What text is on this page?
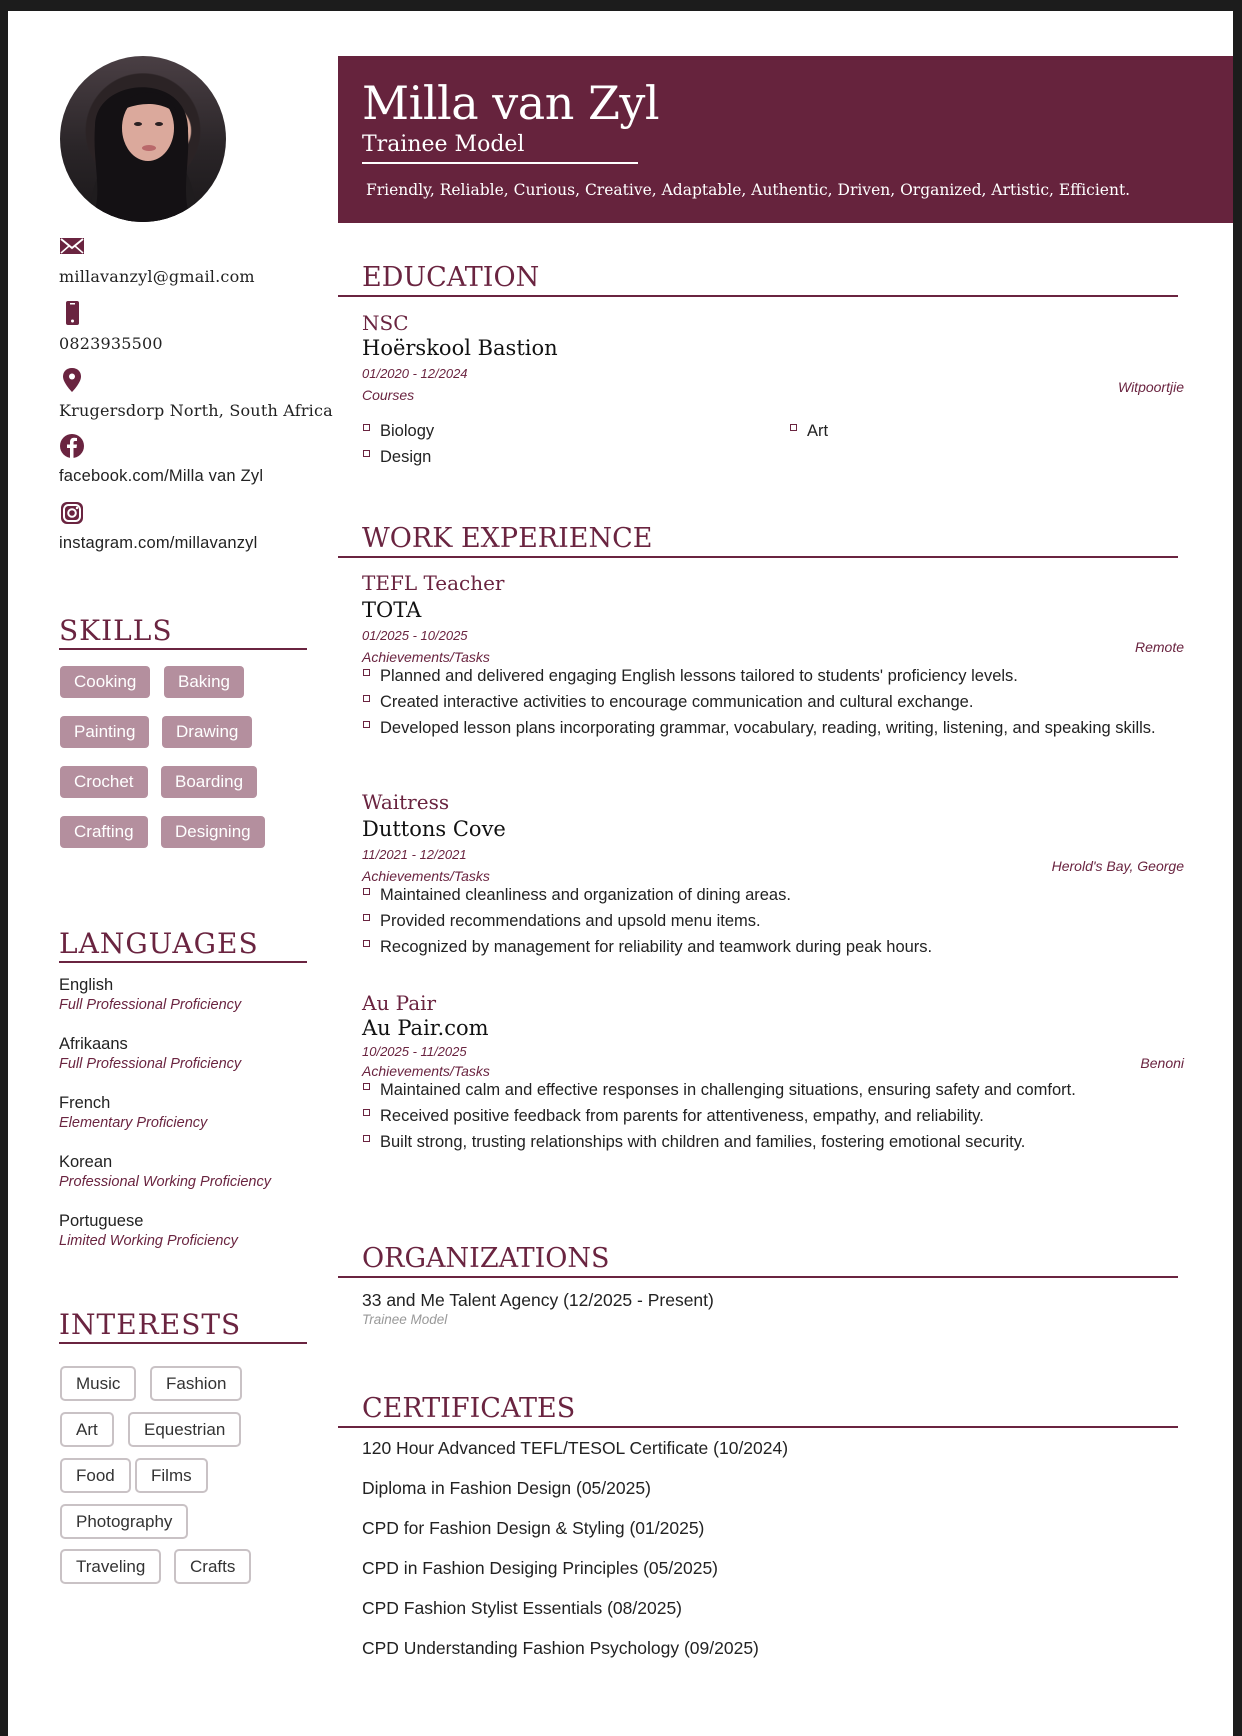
millavanzyl@gmail.com
0823935500
Krugersdorp North, South Africa
facebook.com/Milla van Zyl
instagram.com/millavanzyl
SKILLS
Cooking	Baking
Painting	Drawing
Crochet	Boarding
Crafting	Designing
LANGUAGES
English
Full Professional Proficiency
Afrikaans
Full Professional Proficiency
French
Elementary Proficiency
Korean
Professional Working Proficiency
Portuguese
Limited Working Proficiency
INTERESTS
Music	Fashion
Art	Equestrian
Food	Films
Photography
Traveling	Crafts
Milla van Zyl
Trainee Model
Friendly, Reliable, Curious, Creative, Adaptable, Authentic, Driven, Organized, Artistic, Efficient.
EDUCATION
NSC
Hoërskool Bastion
01/2020 - 12/2024
Witpoortjie
Courses
Biology	Art
Design
WORK EXPERIENCE
TEFL Teacher
TOTA
01/2025 - 10/2025
Remote
Achievements/Tasks
Planned and delivered engaging English lessons tailored to students' proficiency levels.
Created interactive activities to encourage communication and cultural exchange.
Developed lesson plans incorporating grammar, vocabulary, reading, writing, listening, and speaking skills.
Waitress
Duttons Cove
11/2021 - 12/2021
Herold's Bay, George
Achievements/Tasks
Maintained cleanliness and organization of dining areas.
Provided recommendations and upsold menu items.
Recognized by management for reliability and teamwork during peak hours.
Au Pair
Au Pair.com
10/2025 - 11/2025
Benoni
Achievements/Tasks
Maintained calm and effective responses in challenging situations, ensuring safety and comfort.
Received positive feedback from parents for attentiveness, empathy, and reliability.
Built strong, trusting relationships with children and families, fostering emotional security.
ORGANIZATIONS
33 and Me Talent Agency (12/2025 - Present)
Trainee Model
CERTIFICATES
120 Hour Advanced TEFL/TESOL Certificate (10/2024)
Diploma in Fashion Design (05/2025)
CPD for Fashion Design & Styling (01/2025)
CPD in Fashion Desiging Principles (05/2025)
CPD Fashion Stylist Essentials (08/2025)
CPD Understanding Fashion Psychology (09/2025)
